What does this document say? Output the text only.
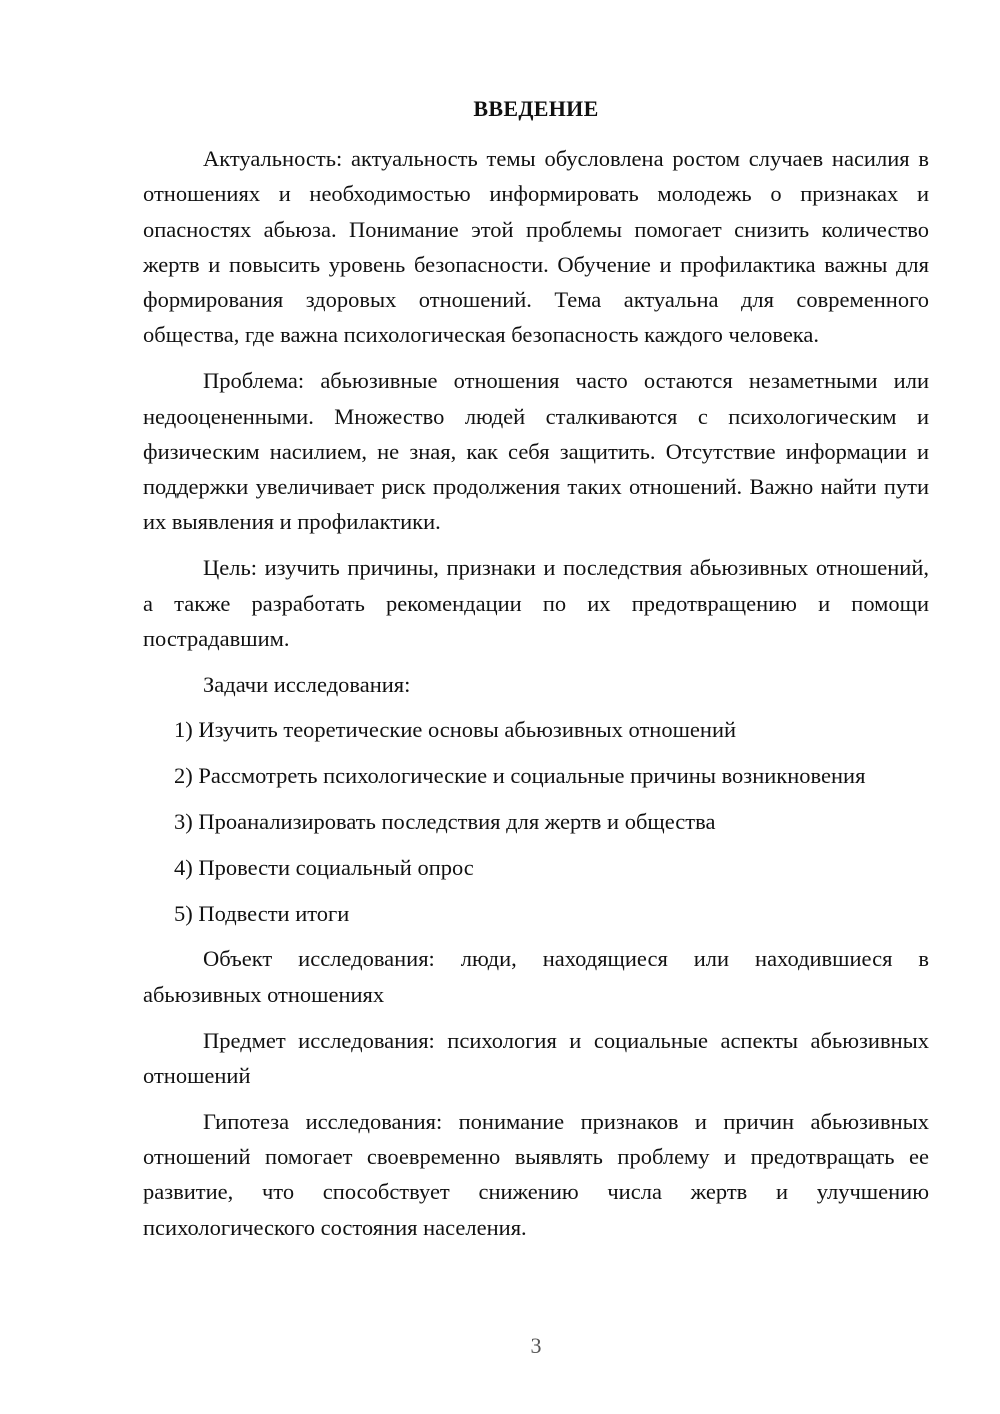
ВВЕДЕНИЕ

Актуальность: актуальность темы обусловлена ростом случаев насилия в отношениях и необходимостью информировать молодежь о признаках и опасностях абьюза. Понимание этой проблемы помогает снизить количество жертв и повысить уровень безопасности. Обучение и профилактика важны для формирования здоровых отношений. Тема актуальна для современного общества, где важна психологическая безопасность каждого человека.

Проблема: абьюзивные отношения часто остаются незаметными или недооцененными. Множество людей сталкиваются с психологическим и физическим насилием, не зная, как себя защитить. Отсутствие информации и поддержки увеличивает риск продолжения таких отношений. Важно найти пути их выявления и профилактики.

Цель: изучить причины, признаки и последствия абьюзивных отношений, а также разработать рекомендации по их предотвращению и помощи пострадавшим.

Задачи исследования:

1) Изучить теоретические основы абьюзивных отношений

2) Рассмотреть психологические и социальные причины возникновения

3) Проанализировать последствия для жертв и общества

4) Провести социальный опрос

5) Подвести итоги

Объект исследования: люди, находящиеся или находившиеся в абьюзивных отношениях

Предмет исследования: психология и социальные аспекты абьюзивных отношений

Гипотеза исследования: понимание признаков и причин абьюзивных отношений помогает своевременно выявлять проблему и предотвращать ее развитие, что способствует снижению числа жертв и улучшению психологического состояния населения.

3
